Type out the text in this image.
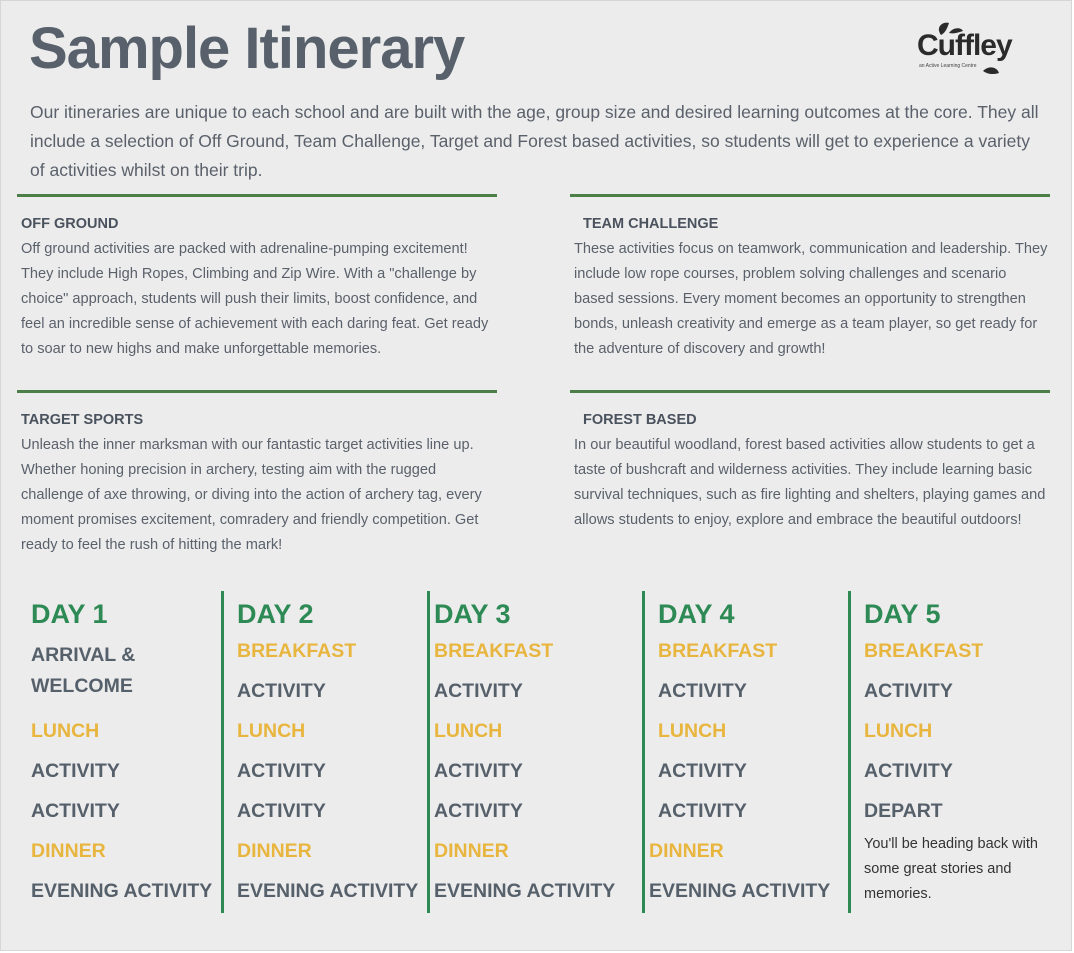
Sample Itinerary	Cuffley
an Active Learning Centre

Our itineraries are unique to each school and are built with the age, group size and desired learning outcomes at the core. They all include a selection of Off Ground, Team Challenge, Target and Forest based activities, so students will get to experience a variety of activities whilst on their trip.

OFF GROUND
Off ground activities are packed with adrenaline-pumping excitement! They include High Ropes, Climbing and Zip Wire. With a "challenge by choice" approach, students will push their limits, boost confidence, and feel an incredible sense of achievement with each daring feat. Get ready to soar to new highs and make unforgettable memories.
TEAM CHALLENGE
These activities focus on teamwork, communication and leadership. They include low rope courses, problem solving challenges and scenario based sessions. Every moment becomes an opportunity to strengthen bonds, unleash creativity and emerge as a team player, so get ready for the adventure of discovery and growth!
TARGET SPORTS
Unleash the inner marksman with our fantastic target activities line up. Whether honing precision in archery, testing aim with the rugged challenge of axe throwing, or diving into the action of archery tag, every moment promises excitement, comradery and friendly competition. Get ready to feel the rush of hitting the mark!
FOREST BASED
In our beautiful woodland, forest based activities allow students to get a taste of bushcraft and wilderness activities. They include learning basic survival techniques, such as fire lighting and shelters, playing games and allows students to enjoy, explore and embrace the beautiful outdoors!
DAY 1
ARRIVAL & WELCOME
LUNCH
ACTIVITY
ACTIVITY
DINNER
EVENING ACTIVITY
DAY 2
BREAKFAST
ACTIVITY
LUNCH
ACTIVITY
ACTIVITY
DINNER
EVENING ACTIVITY
DAY 3
BREAKFAST
ACTIVITY
LUNCH
ACTIVITY
ACTIVITY
DINNER
EVENING ACTIVITY
DAY 4
BREAKFAST
ACTIVITY
LUNCH
ACTIVITY
ACTIVITY
DINNER
EVENING ACTIVITY
DAY 5
BREAKFAST
ACTIVITY
LUNCH
ACTIVITY
DEPART
You'll be heading back with some great stories and memories.
